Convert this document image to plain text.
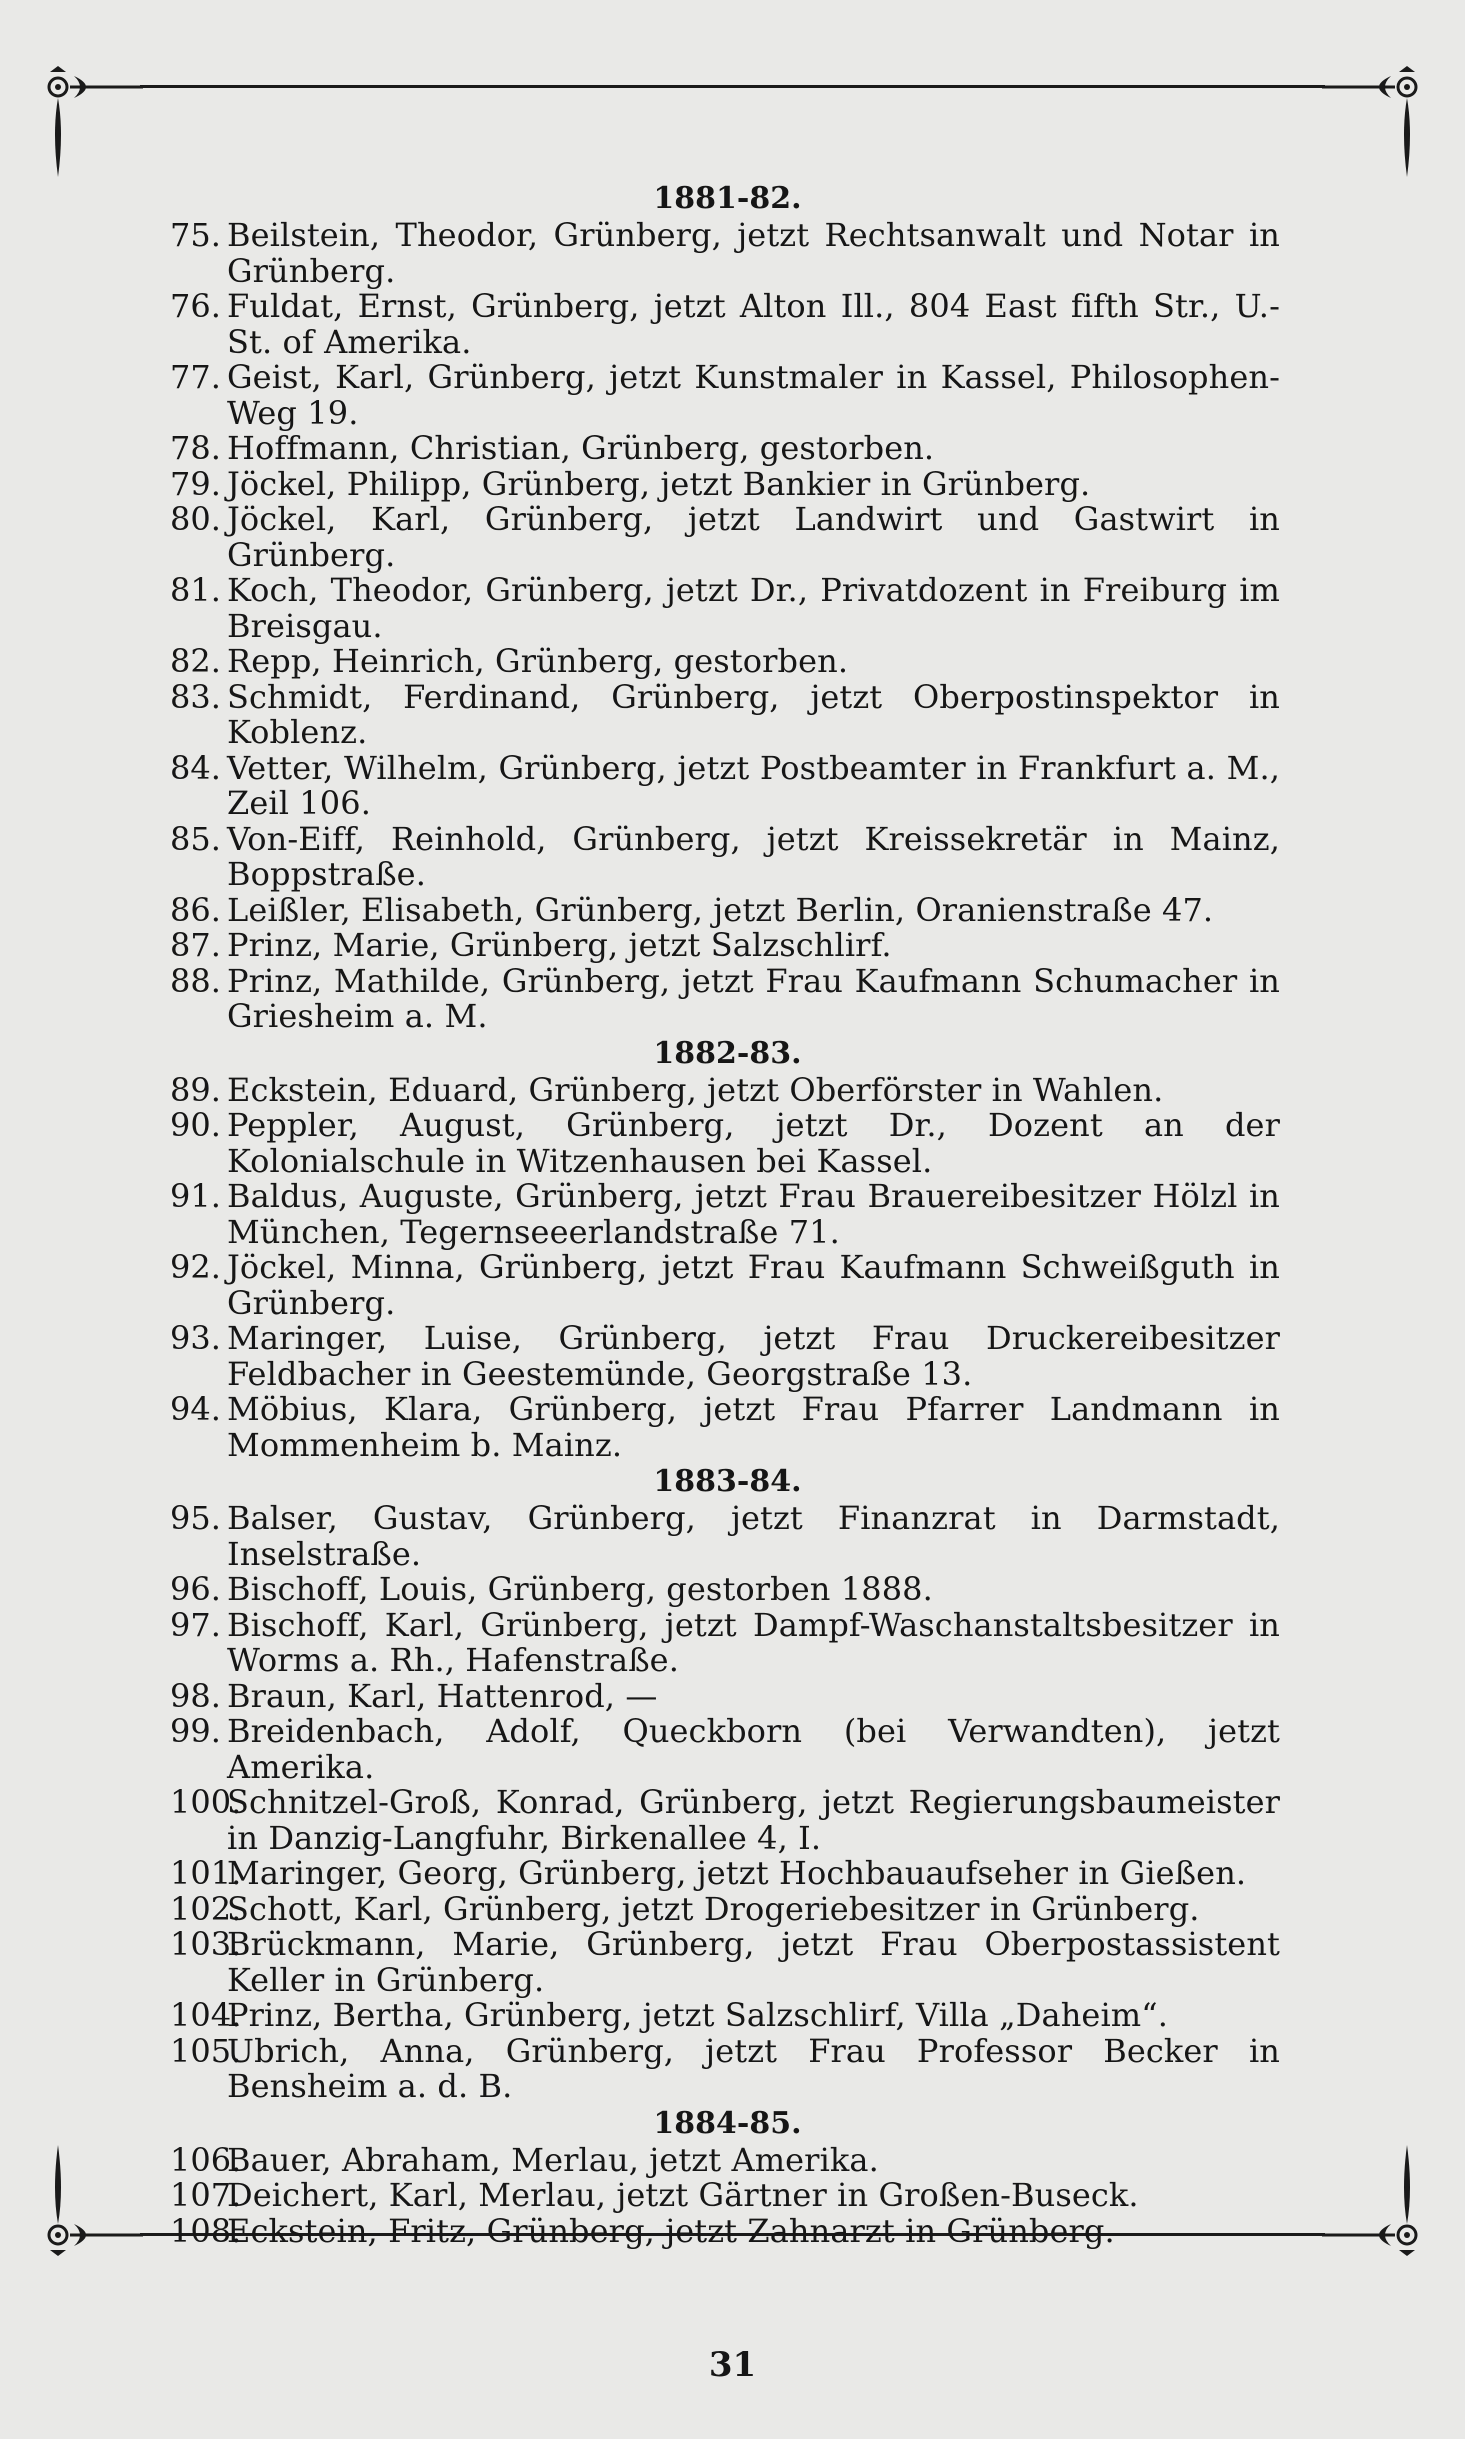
1881-82.
75. Beilstein, Theodor, Grünberg, jetzt Rechtsanwalt und Notar in Grünberg.
76. Fuldat, Ernst, Grünberg, jetzt Alton Ill., 804 East fifth Str., U.-St. of Amerika.
77. Geist, Karl, Grünberg, jetzt Kunstmaler in Kassel, Philosophen-Weg 19.
78. Hoffmann, Christian, Grünberg, gestorben.
79. Jöckel, Philipp, Grünberg, jetzt Bankier in Grünberg.
80. Jöckel, Karl, Grünberg, jetzt Landwirt und Gastwirt in Grünberg.
81. Koch, Theodor, Grünberg, jetzt Dr., Privatdozent in Freiburg im Breisgau.
82. Repp, Heinrich, Grünberg, gestorben.
83. Schmidt, Ferdinand, Grünberg, jetzt Oberpostinspektor in Koblenz.
84. Vetter, Wilhelm, Grünberg, jetzt Postbeamter in Frankfurt a. M., Zeil 106.
85. Von-Eiff, Reinhold, Grünberg, jetzt Kreissekretär in Mainz, Boppstraße.
86. Leißler, Elisabeth, Grünberg, jetzt Berlin, Oranienstraße 47.
87. Prinz, Marie, Grünberg, jetzt Salzschlirf.
88. Prinz, Mathilde, Grünberg, jetzt Frau Kaufmann Schumacher in Griesheim a. M.
1882-83.
89. Eckstein, Eduard, Grünberg, jetzt Oberförster in Wahlen.
90. Peppler, August, Grünberg, jetzt Dr., Dozent an der Kolonialschule in Witzenhausen bei Kassel.
91. Baldus, Auguste, Grünberg, jetzt Frau Brauereibesitzer Hölzl in München, Tegernseeerlandstraße 71.
92. Jöckel, Minna, Grünberg, jetzt Frau Kaufmann Schweißguth in Grünberg.
93. Maringer, Luise, Grünberg, jetzt Frau Druckereibesitzer Feldbacher in Geestemünde, Georgstraße 13.
94. Möbius, Klara, Grünberg, jetzt Frau Pfarrer Landmann in Mommenheim b. Mainz.
1883-84.
95. Balser, Gustav, Grünberg, jetzt Finanzrat in Darmstadt, Inselstraße.
96. Bischoff, Louis, Grünberg, gestorben 1888.
97. Bischoff, Karl, Grünberg, jetzt Dampf-Waschanstaltsbesitzer in Worms a. Rh., Hafenstraße.
98. Braun, Karl, Hattenrod, —
99. Breidenbach, Adolf, Queckborn (bei Verwandten), jetzt Amerika.
100.
Schnitzel-Groß, Konrad, Grünberg, jetzt Regierungsbaumeister in Danzig-Langfuhr, Birkenallee 4, I.
101.
Maringer, Georg, Grünberg, jetzt Hochbauaufseher in Gießen.
102.
Schott, Karl, Grünberg, jetzt Drogeriebesitzer in Grünberg.
103.
Brückmann, Marie, Grünberg, jetzt Frau Oberpostassistent Keller in Grünberg.
104.
Prinz, Bertha, Grünberg, jetzt Salzschlirf, Villa „Daheim“.
105.
Ubrich, Anna, Grünberg, jetzt Frau Professor Becker in Bensheim a. d. B.
1884-85.
106.
Bauer, Abraham, Merlau, jetzt Amerika.
107.
Deichert, Karl, Merlau, jetzt Gärtner in Großen-Buseck.
108.
Eckstein, Fritz, Grünberg, jetzt Zahnarzt in Grünberg.
31
